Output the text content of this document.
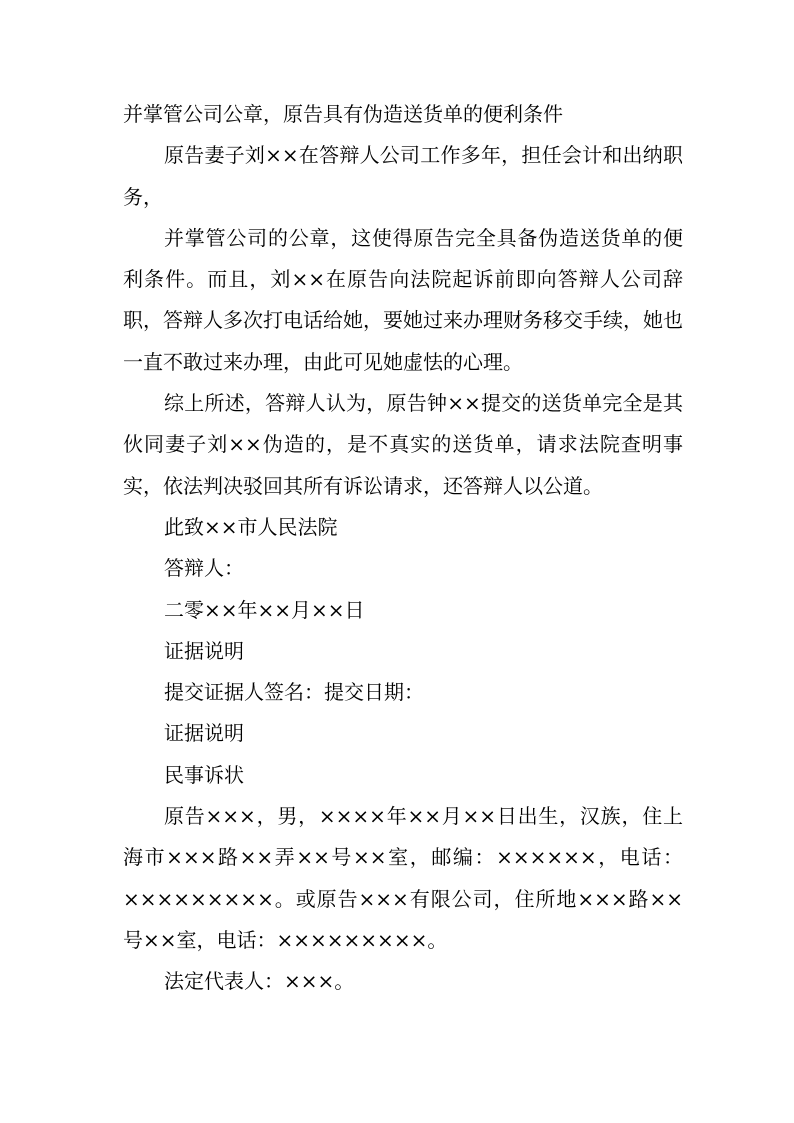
并掌管公司公章，原告具有伪造送货单的便利条件

原告妻子刘××在答辩人公司工作多年，担任会计和出纳职务，

并掌管公司的公章，这使得原告完全具备伪造送货单的便利条件。而且，刘××在原告向法院起诉前即向答辩人公司辞职，答辩人多次打电话给她，要她过来办理财务移交手续，她也一直不敢过来办理，由此可见她虚怯的心理。

综上所述，答辩人认为，原告钟××提交的送货单完全是其伙同妻子刘××伪造的，是不真实的送货单，请求法院查明事实，依法判决驳回其所有诉讼请求，还答辩人以公道。

此致××市人民法院

答辩人：

二零××年××月××日

证据说明

提交证据人签名：提交日期：

证据说明

民事诉状

原告×××，男，××××年××月××日出生，汉族，住上海市×××路××弄××号××室，邮编：××××××，电话：×××××××××。或原告×××有限公司，住所地×××路××号××室，电话：×××××××××。

法定代表人：×××。
